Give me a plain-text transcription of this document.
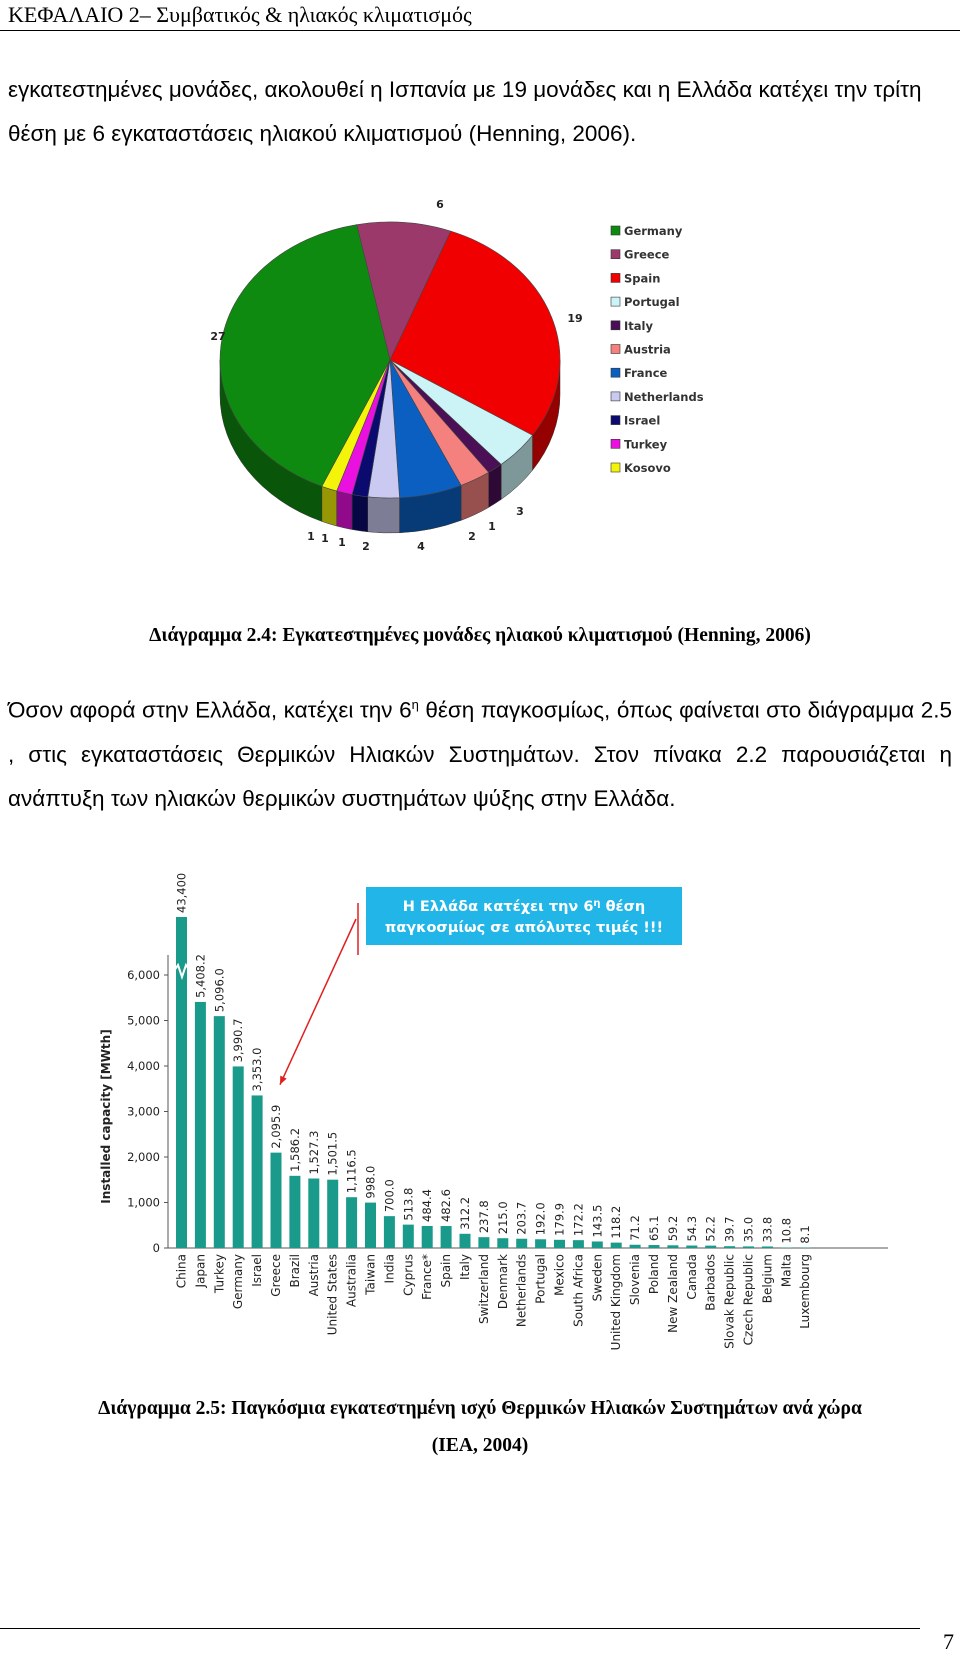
ΚΕΦΑΛΑΙΟ 2– Συμβατικός & ηλιακός κλιματισμός
εγκατεστημένες μονάδες, ακολουθεί η Ισπανία με 19 μονάδες και η Ελλάδα κατέχει την τρίτη θέση με 6 εγκαταστάσεις ηλιακού κλιματισμού (Henning, 2006).
6
19
3
1
2
4
2
1
1
1
27
Germany
Greece
Spain
Portugal
Italy
Austria
France
Netherlands
Israel
Turkey
Kosovo
Διάγραμμα 2.4: Εγκατεστημένες μονάδες ηλιακού κλιματισμού (Henning, 2006)
Όσον αφορά στην Ελλάδα, κατέχει την $6^\eta$ θέση παγκοσμίως, όπως φαίνεται στο διάγραμμα 2.5 , στις εγκαταστάσεις Θερμικών Ηλιακών Συστημάτων. Στον πίνακα 2.2 παρουσιάζεται η ανάπτυξη των ηλιακών θερμικών συστημάτων ψύξης στην Ελλάδα.
Installed capacity [MWth]
6,000
5,000
4,000
3,000
2,000
1,000
0
43,400
China
5,408.2
Japan
5,096.0
Turkey
3,990.7
Germany
3,353.0
Israel
2,095.9
Greece
1,586.2
Brazil
1,527.3
Austria
1,501.5
United States
1,116.5
Australia
998.0
Taiwan
700.0
India
513.8
Cyprus
484.4
France*
482.6
Spain
312.2
Italy
237.8
Switzerland
215.0
Denmark
203.7
Netherlands
192.0
Portugal
179.9
Mexico
172.2
South Africa
143.5
Sweden
118.2
United Kingdom
71.2
Slovenia
65.1
Poland
59.2
New Zealand
54.3
Canada
52.2
Barbados
39.7
Slovak Republic
35.0
Czech Republic
33.8
Belgium
10.8
Malta
8.1
Luxembourg
Η Ελλάδα κατέχει την $6^\eta$ θέση
παγκοσμίως σε απόλυτες τιμές !!!
Διάγραμμα 2.5: Παγκόσμια εγκατεστημένη ισχύ Θερμικών Ηλιακών Συστημάτων ανά χώρα
(IEA, 2004)
7
